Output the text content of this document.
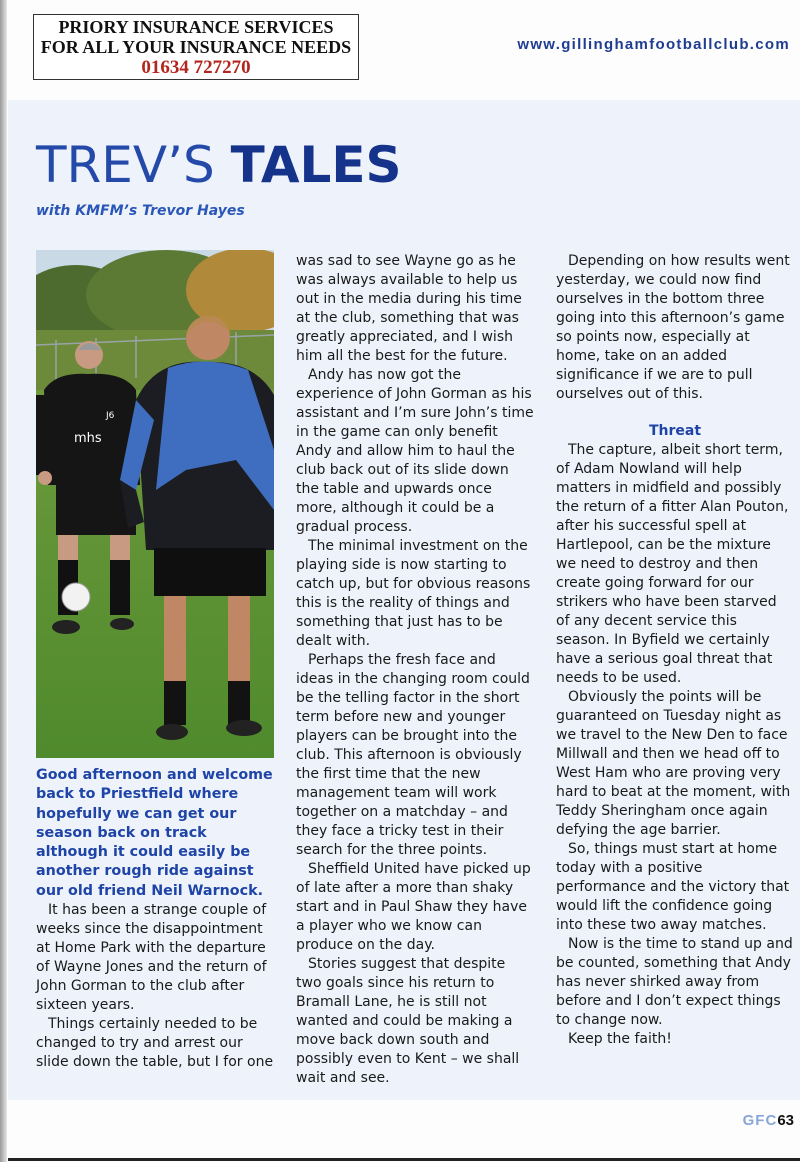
PRIORY INSURANCE SERVICES
FOR ALL YOUR INSURANCE NEEDS
01634 727270
www.gillinghamfootballclub.com
TREV’S TALES
with KMFM’s Trevor Hayes
mhs
J6

Good afternoon and welcome back to Priestfield where hopefully we can get our season back on track although it could easily be another rough ride against our old friend Neil Warnock.

It has been a strange couple of weeks since the disappointment at Home Park with the departure of Wayne Jones and the return of John Gorman to the club after sixteen years.

Things certainly needed to be changed to try and arrest our slide down the table, but I for one

was sad to see Wayne go as he was always available to help us out in the media during his time at the club, something that was greatly appreciated, and I wish him all the best for the future.

Andy has now got the experience of John Gorman as his assistant and I’m sure John’s time in the game can only benefit Andy and allow him to haul the club back out of its slide down the table and upwards once more, although it could be a gradual process.

The minimal investment on the playing side is now starting to catch up, but for obvious reasons this is the reality of things and something that just has to be dealt with.

Perhaps the fresh face and ideas in the changing room could be the telling factor in the short term before new and younger players can be brought into the club. This afternoon is obviously the first time that the new management team will work together on a matchday – and they face a tricky test in their search for the three points.

Sheffield United have picked up of late after a more than shaky start and in Paul Shaw they have a player who we know can produce on the day.

Stories suggest that despite two goals since his return to Bramall Lane, he is still not wanted and could be making a move back down south and possibly even to Kent – we shall wait and see.

Depending on how results went yesterday, we could now find ourselves in the bottom three going into this afternoon’s game so points now, especially at home, take on an added significance if we are to pull ourselves out of this.

Threat

The capture, albeit short term, of Adam Nowland will help matters in midfield and possibly the return of a fitter Alan Pouton, after his successful spell at Hartlepool, can be the mixture we need to destroy and then create going forward for our strikers who have been starved of any decent service this season. In Byfield we certainly have a serious goal threat that needs to be used.

Obviously the points will be guaranteed on Tuesday night as we travel to the New Den to face Millwall and then we head off to West Ham who are proving very hard to beat at the moment, with Teddy Sheringham once again defying the age barrier.

So, things must start at home today with a positive performance and the victory that would lift the confidence going into these two away matches.

Now is the time to stand up and be counted, something that Andy has never shirked away from before and I don’t expect things to change now.

Keep the faith!

GFC63
